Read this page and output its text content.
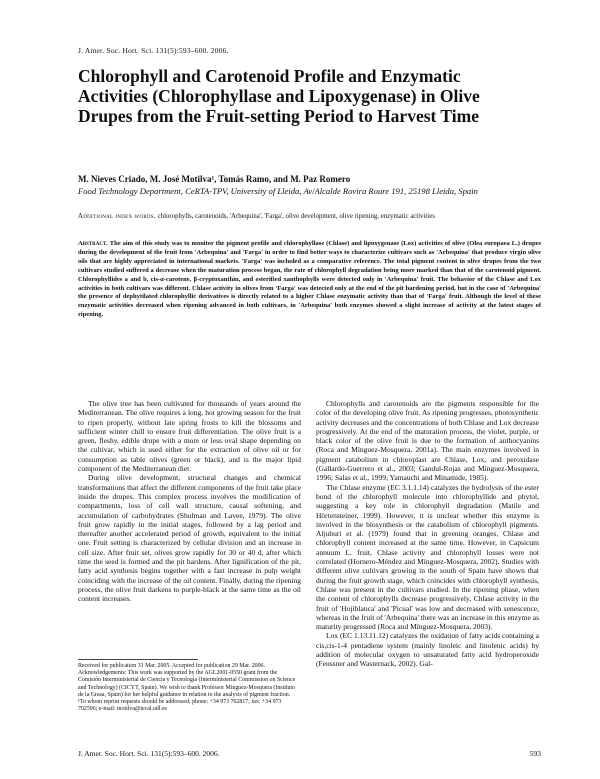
J. Amer. Soc. Hort. Sci. 131(5):593–600. 2006.
Chlorophyll and Carotenoid Profile and Enzymatic Activities (Chlorophyllase and Lipoxygenase) in Olive Drupes from the Fruit-setting Period to Harvest Time
M. Nieves Criado, M. José Motilva¹, Tomás Ramo, and M. Paz Romero
Food Technology Department, CeRTA-TPV, University of Lleida, Av/Alcalde Rovira Roure 191, 25198 Lleida, Spain
Additional index words. chlorophylls, carotenoids, 'Arbequina', 'Farga', olive development, olive ripening, enzymatic activities
Abstract. The aim of this study was to monitor the pigment profile and chlorophyllase (Chlase) and lipoxygenase (Lox) activities of olive (Olea europaea L.) drupes during the development of the fruit from 'Arbequina' and 'Farga' in order to find better ways to characterize cultivars such as 'Arbequina' that produce virgin olive oils that are highly appreciated in international markets. 'Farga' was included as a comparative reference. The total pigment content in olive drupes from the two cultivars studied suffered a decrease when the maturation process began, the rate of chlorophyll degradation being more marked than that of the carotenoid pigment. Chlorophyllides a and b, cis-α-carotene, β-cryptoxanthin, and esterified xanthophylls were detected only in 'Arbequina' fruit. The behavior of the Chlase and Lox activities in both cultivars was different. Chlase activity in olives from 'Farga' was detected only at the end of the pit hardening period, but in the case of 'Arbequina' the presence of dephytilated chlorophyllic derivatives is directly related to a higher Chlase enzymatic activity than that of 'Farga' fruit. Although the level of these enzymatic activities decreased when ripening advanced in both cultivars, in 'Arbequina' both enzymes showed a slight increase of activity at the latest stages of ripening.

The olive tree has been cultivated for thousands of years around the Mediterranean. The olive requires a long, hot growing season for the fruit to ripen properly, without late spring frosts to kill the blossoms and sufficient winter chill to ensure fruit differentiation. The olive fruit is a green, fleshy, edible drupe with a more or less oval shape depending on the cultivar, which is used either for the extraction of olive oil or for consumption as table olives (green or black), and is the major lipid component of the Mediterranean diet.

During olive development, structural changes and chemical transformations that affect the different components of the fruit take place inside the drupes. This complex process involves the modification of compartments, loss of cell wall structure, causal softening, and accumulation of carbohydrates (Shulman and Lavee, 1979). The olive fruit grow rapidly in the initial stages, followed by a lag period and thereafter another accelerated period of growth, equivalent to the initial one. Fruit setting is characterized by cellular division and an increase in cell size. After fruit set, olives grow rapidly for 30 or 40 d, after which time the seed is formed and the pit hardens. After lignification of the pit, fatty acid synthesis begins together with a fast increase in pulp weight coinciding with the increase of the oil content. Finally, during the ripening process, the olive fruit darkens to purple-black at the same time as the oil content increases.

Chlorophylls and carotenoids are the pigments responsible for the color of the developing olive fruit. As ripening progresses, photosynthetic activity decreases and the concentrations of both Chlase and Lox decrease progressively. At the end of the maturation process, the violet, purple, or black color of the olive fruit is due to the formation of anthocyanins (Roca and Mínguez-Mosquera, 2001a). The main enzymes involved in pigment catabolism in chloroplast are Chlase, Lox, and peroxidase (Gallardo-Guerrero et al., 2003; Gandul-Rojas and Mínguez-Mosquera, 1996; Salas et al., 1999; Yamauchi and Minamide, 1985).

The Chlase enzyme (EC 3.1.1.14) catalyzes the hydrolysis of the ester bond of the chlorophyll molecule into chlorophyllide and phytol, suggesting a key role in chlorophyll degradation (Matile and Hörtensteiner, 1999). However, it is unclear whether this enzyme is involved in the biosynthesis or the catabolism of chlorophyll pigments. Aljuburi et al. (1979) found that in greening oranges, Chlase and chlorophyll content increased at the same time. However, in Capsicum annuum L. fruit, Chlase activity and chlorophyll losses were not correlated (Hornero-Méndez and Mínguez-Mosquera, 2002). Studies with different olive cultivars growing in the south of Spain have shown that during the fruit growth stage, which coincides with chlorophyll synthesis, Chlase was present in the cultivars studied. In the ripening phase, when the content of chlorophylls decrease progressively, Chlase activity in the fruit of 'Hojiblanca' and 'Picual' was low and decreased with senescence, whereas in the fruit of 'Arbequina' there was an increase in this enzyme as maturity progressed (Roca and Mínguez-Mosquera, 2003).

Lox (EC 1.13.11.12) catalyzes the oxidation of fatty acids containing a cis,cis-1-4 pentadiene system (mainly linoleic and linolenic acids) by addition of molecular oxygen to unsaturated fatty acid hydroperoxide (Feussner and Wasternack, 2002). Gal-

Received for publication 31 Mar. 2005. Accepted for publication 29 Mar. 2006.

Acknowledgements: This work was supported by the AGL2001-0550 grant from the Comisión Interministerial de Ciencia y Tecnología (Interministerial Commission on Science and Technology) (CICYT, Spain). We wish to thank Professor Mínguez-Mosquera (Instituto de la Grasa, Spain) for her helpful guidance in relation to the analysis of pigment fraction.

¹To whom reprint requests should be addressed; phone: +34 973 702817; fax: +34 973 702596; e-mail: motilva@tecal.udl.es

J. Amer. Soc. Hort. Sci. 131(5):593–600. 2006.	593
